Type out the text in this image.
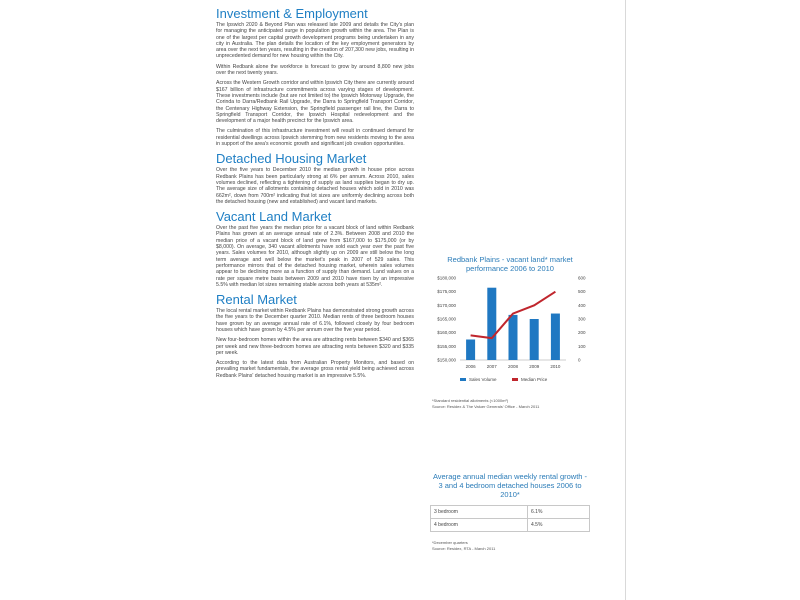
Investment & Employment

The Ipswich 2020 & Beyond Plan was released late 2009 and details the City's plan for managing the anticipated surge in population growth within the area. The Plan is one of the largest per capital growth development programs being undertaken in any city in Australia. The plan details the location of the key employment generators by area over the next ten years, resulting in the creation of 207,300 new jobs, resulting in unprecedented demand for new housing within the City.

Within Redbank alone the workforce is forecast to grow by around 8,800 new jobs over the next twenty years.

Across the Western Growth corridor and within Ipswich City there are currently around $167 billion of infrastructure commitments across varying stages of development. These investments include (but are not limited to) the Ipswich Motorway Upgrade, the Corinda to Darra/Redbank Rail Upgrade, the Darra to Springfield Transport Corridor, the Centenary Highway Extension, the Springfield passenger rail line, the Darra to Springfield Transport Corridor, the Ipswich Hospital redevelopment and the development of a major health precinct for the Ipswich area.

The culmination of this infrastructure investment will result in continued demand for residential dwellings across Ipswich stemming from new residents moving to the area in support of the area's economic growth and significant job creation opportunities.

Detached Housing Market

Over the five years to December 2010 the median growth in house price across Redbank Plains has been particularly strong at 6% per annum. Across 2010, sales volumes declined, reflecting a tightening of supply as land supplies began to dry up. The average size of allotments containing detached houses which sold in 2010 was 662m², down from 700m² indicating that lot sizes are uniformly declining across both the detached housing (new and established) and vacant land markets.

Vacant Land Market

Over the past five years the median price for a vacant block of land within Redbank Plains has grown at an average annual rate of 2.3%. Between 2008 and 2010 the median price of a vacant block of land grew from $167,000 to $175,000 (or by $8,000). On average, 340 vacant allotments have sold each year over the past five years. Sales volumes for 2010, although slightly up on 2009 are still below the long term average and well below the market's peak in 2007 of 529 sales. This performance mirrors that of the detached housing market, wherein sales volumes appear to be declining more as a function of supply than demand. Land values on a rate per square metre basis between 2009 and 2010 have risen by an impressive 5.5% with median lot sizes remaining stable across both years at 535m².

Rental Market

The local rental market within Redbank Plains has demonstrated strong growth across the five years to the December quarter 2010. Median rents of three bedroom houses have grown by an average annual rate of 6.1%, followed closely by four bedroom houses which have grown by 4.5% per annum over the five year period.

New four-bedroom homes within the area are attracting rents between $340 and $365 per week and new three-bedroom homes are attracting rents between $320 and $335 per week.

According to the latest data from Australian Property Monitors, and based on prevailing market fundamentals, the average gross rental yield being achieved across Redbank Plains' detached housing market is an impressive 5.5%.

Redbank Plains - vacant land* market performance 2006 to 2010
$180,000
$175,000
$170,000
$165,000
$160,000
$155,000
$150,000
600
500
400
300
200
100
0
2006 2007 2008 2009 2010
Sales Volume	Median Price
*Standard residential allotments (<1000m²)
Source: Residex & The Valuer Generals' Office - March 2011
Average annual median weekly rental growth - 3 and 4 bedroom detached houses 2006 to 2010*
3 bedroom	6.1%
4 bedroom	4.5%
*December quarters
Source: Residex, RTA - March 2011
